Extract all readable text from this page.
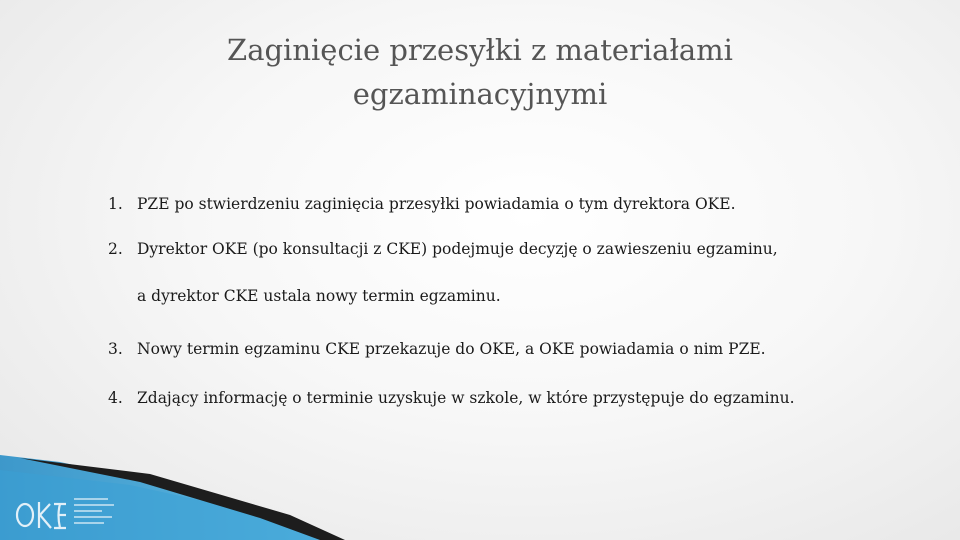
Zaginięcie przesyłki z materiałami egzaminacyjnymi
1. PZE po stwierdzeniu zaginięcia przesyłki powiadamia o tym dyrektora OKE.
2. Dyrektor OKE (po konsultacji z CKE) podejmuje decyzję o zawieszeniu egzaminu,
a dyrektor CKE ustala nowy termin egzaminu.
3. Nowy termin egzaminu CKE przekazuje do OKE, a OKE powiadamia o nim PZE.
4. Zdający informację o terminie uzyskuje w szkole, w które przystępuje do egzaminu.
